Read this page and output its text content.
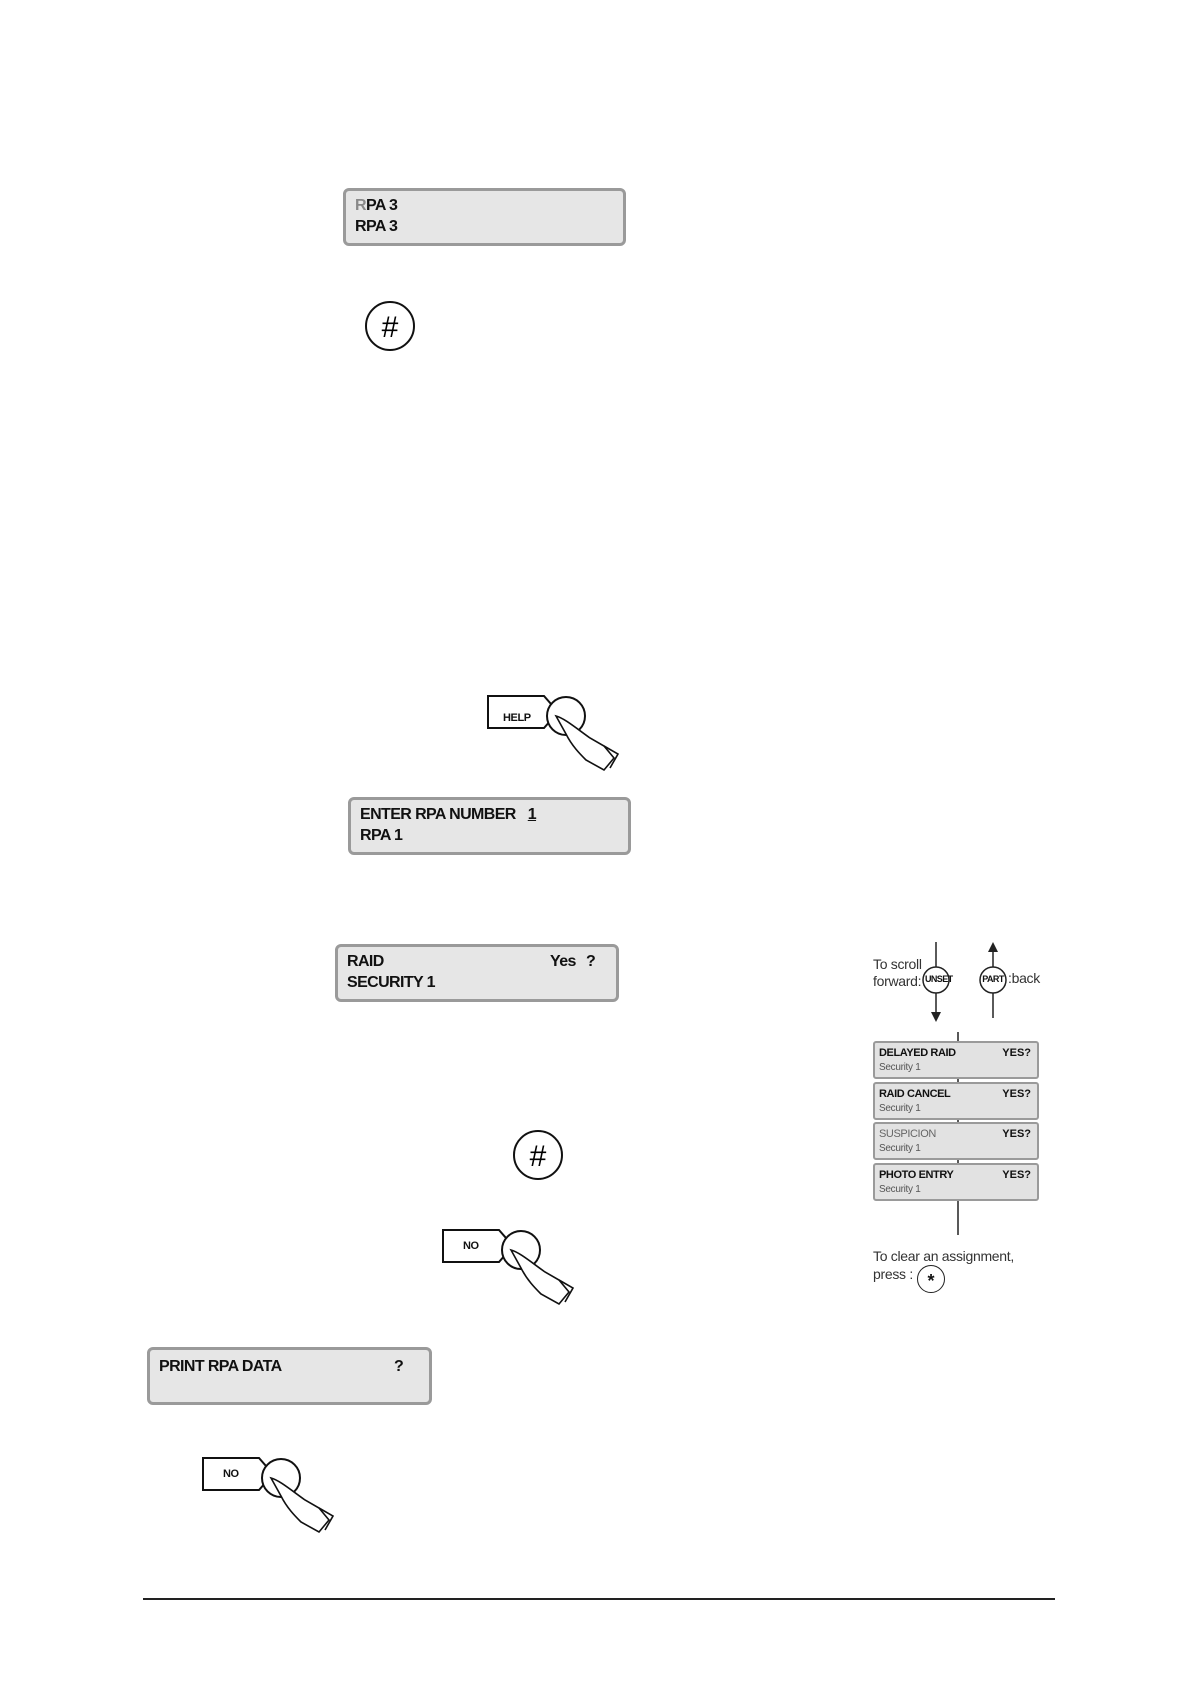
RPA 3
RPA 3
#
HELP
ENTER RPA NUMBER 1
RPA 1
RAID	Yes ?
SECURITY 1
#
NO
PRINT RPA DATA	?
NO
To scroll
forward: UNSET	PART :back
DELAYED RAID	YES?
Security 1
RAID CANCEL	YES?
Security 1
SUSPICION	YES?
Security 1
PHOTO ENTRY	YES?
Security 1
To clear an assignment,
press : *
